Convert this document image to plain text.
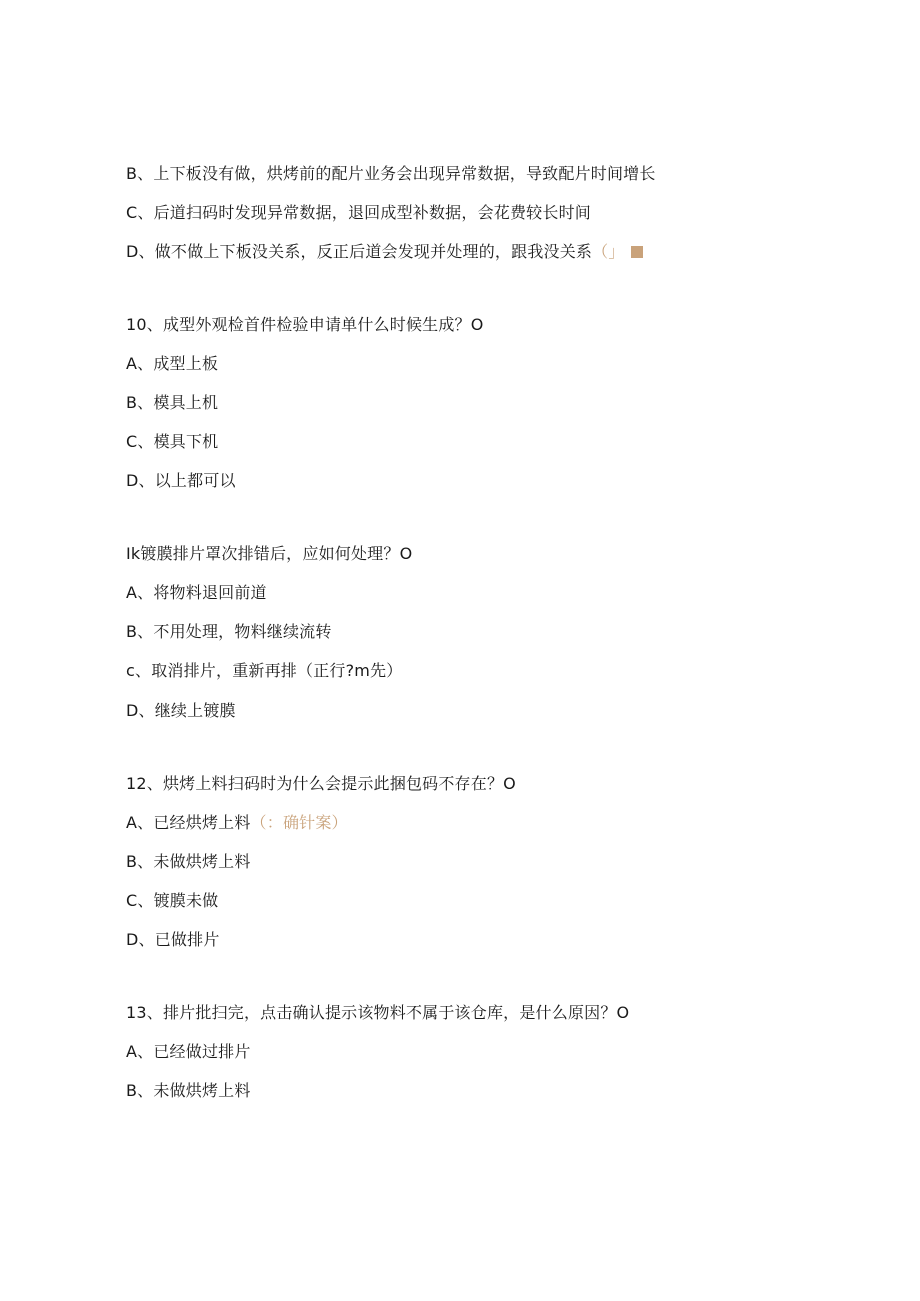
B、上下板没有做，烘烤前的配片业务会出现异常数据，导致配片时间增长
C、后道扫码时发现异常数据，退回成型补数据，会花费较长时间
D、做不做上下板没关系，反正后道会发现并处理的，跟我没关系（」
10、成型外观检首件检验申请单什么时候生成？O
A、成型上板
B、模具上机
C、模具下机
D、以上都可以
Ik镀膜排片罩次排错后，应如何处理？O
A、将物料退回前道
B、不用处理，物料继续流转
c、取消排片，重新再排（正行?m先）
D、继续上镀膜
12、烘烤上料扫码时为什么会提示此捆包码不存在？O
A、已经烘烤上料（：确针案）
B、未做烘烤上料
C、镀膜未做
D、已做排片
13、排片批扫完，点击确认提示该物料不属于该仓库，是什么原因？O
A、已经做过排片
B、未做烘烤上料
